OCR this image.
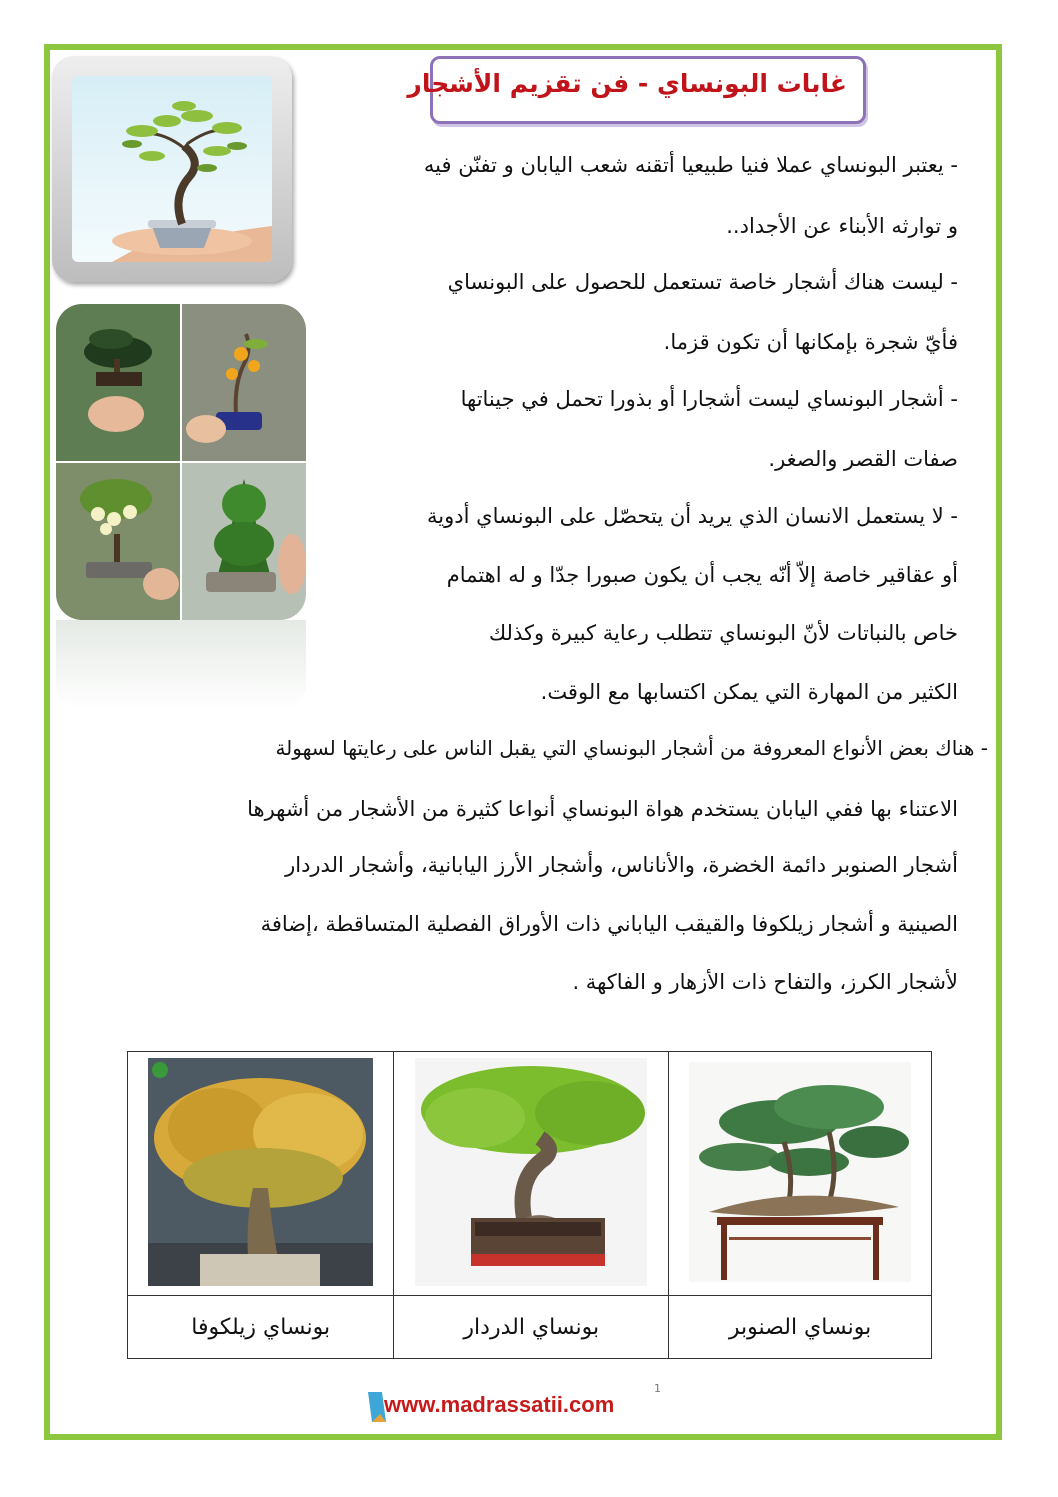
غابات البونساي - فن تقزيم الأشجار
- يعتبر البونساي عملا فنيا طبيعيا أتقنه شعب اليابان و تفنّن فيه
و توارثه الأبناء عن الأجداد..
- ليست هناك أشجار خاصة تستعمل للحصول على البونساي
فأيّ شجرة بإمكانها أن تكون قزما.
- أشجار البونساي ليست أشجارا أو بذورا تحمل في جيناتها
صفات القصر والصغر.
- لا يستعمل الانسان الذي يريد أن يتحصّل على البونساي أدوية
أو عقاقير خاصة إلاّ أنّه يجب أن يكون صبورا جدّا و له اهتمام
خاص بالنباتات لأنّ البونساي تتطلب رعاية كبيرة وكذلك
الكثير من المهارة التي يمكن اكتسابها مع الوقت.
- هناك بعض الأنواع المعروفة من أشجار البونساي التي يقبل الناس على رعايتها لسهولة
الاعتناء بها ففي اليابان يستخدم هواة البونساي أنواعا كثيرة من الأشجار من أشهرها
أشجار الصنوبر دائمة الخضرة، والأناناس، وأشجار الأرز اليابانية، وأشجار الدردار
الصينية و أشجار زيلكوفا والقيقب الياباني ذات الأوراق الفصلية المتساقطة ،إضافة
لأشجار الكرز، والتفاح ذات الأزهار و الفاكهة .

بونساي زيلكوفا	بونساي الدردار	بونساي الصنوبر
www.madrassatii.com
1
